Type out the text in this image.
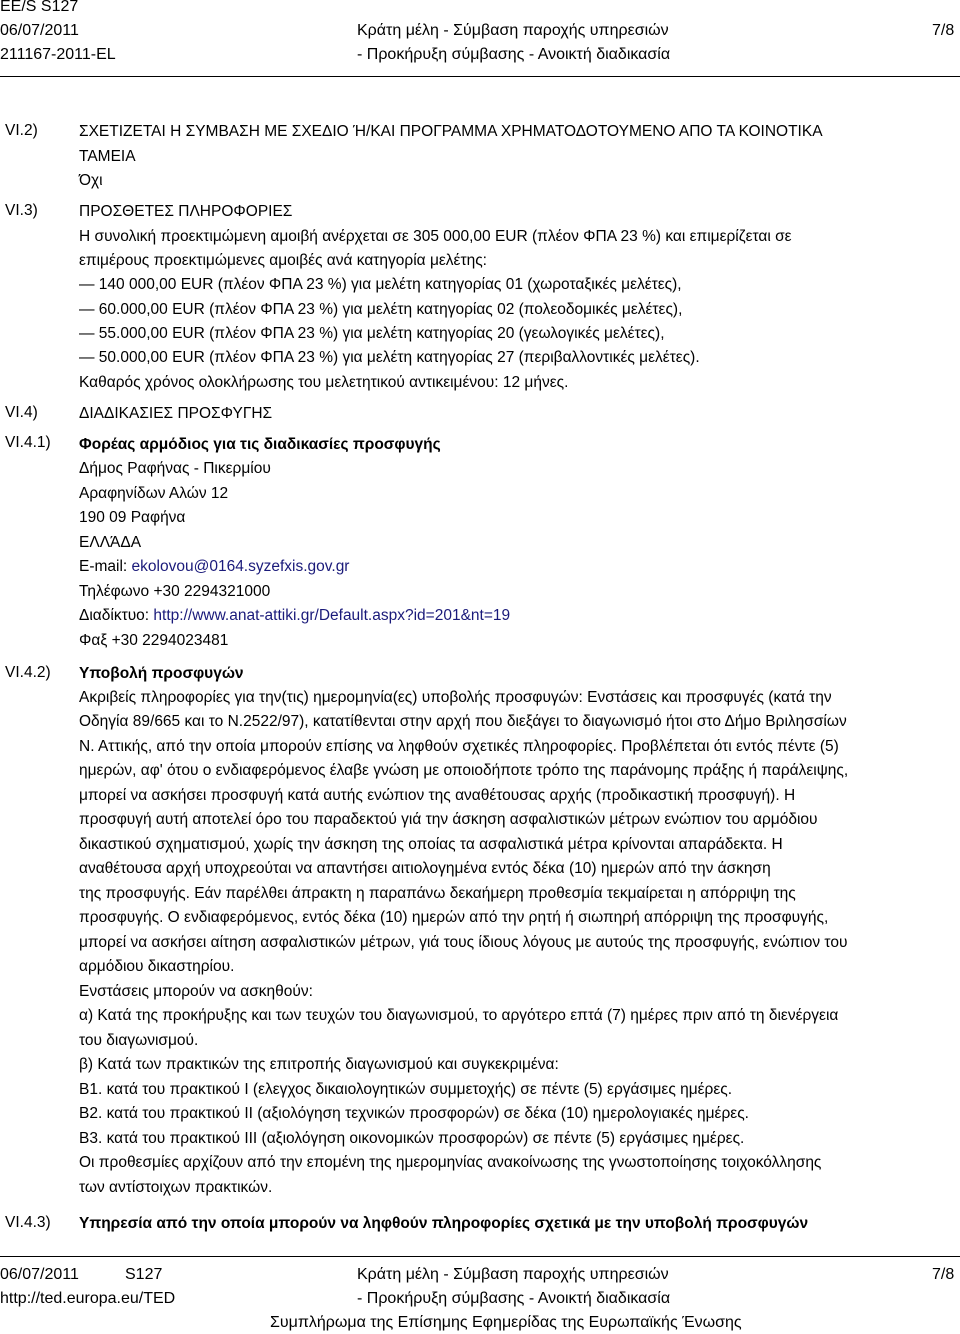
EE/S S127
06/07/2011
211167-2011-EL
Κράτη μέλη - Σύμβαση παροχής υπηρεσιών
- Προκήρυξη σύμβασης - Ανοικτή διαδικασία
7/8
VI.2)
VI.3)
VI.4)
VI.4.1)
VI.4.2)
VI.4.3)
ΣΧΕΤΙΖΕΤΑΙ Η ΣΥΜΒΑΣΗ ΜΕ ΣΧΕΔΙΟ Ή/ΚΑΙ ΠΡΟΓΡΑΜΜΑ ΧΡΗΜΑΤΟΔΟΤΟΥΜΕΝΟ ΑΠΟ ΤΑ ΚΟΙΝΟΤΙΚΑ
ΤΑΜΕΙΑ
Όχι
ΠΡΟΣΘΕΤΕΣ ΠΛΗΡΟΦΟΡΙΕΣ
Η συνολική προεκτιμώμενη αμοιβή ανέρχεται σε 305 000,00 EUR (πλέον ΦΠΑ 23 %) και επιμερίζεται σε
επιμέρους προεκτιμώμενες αμοιβές ανά κατηγορία μελέτης:
— 140 000,00 EUR (πλέον ΦΠΑ 23 %) για μελέτη κατηγορίας 01 (χωροταξικές μελέτες),
— 60.000,00 EUR (πλέον ΦΠΑ 23 %) για μελέτη κατηγορίας 02 (πολεοδομικές μελέτες),
— 55.000,00 EUR (πλέον ΦΠΑ 23 %) για μελέτη κατηγορίας 20 (γεωλογικές μελέτες),
— 50.000,00 EUR (πλέον ΦΠΑ 23 %) για μελέτη κατηγορίας 27 (περιβαλλοντικές μελέτες).
Καθαρός χρόνος ολοκλήρωσης του μελετητικού αντικειμένου: 12 μήνες.
ΔΙΑΔΙΚΑΣΙΕΣ ΠΡΟΣΦΥΓΗΣ
Φορέας αρμόδιος για τις διαδικασίες προσφυγής
Δήμος Ραφήνας - Πικερμίου
Αραφηνίδων Αλών 12
190 09 Ραφήνα
ΕΛΛΆΔΑ
E-mail: ekolovou@0164.syzefxis.gov.gr
Τηλέφωνο +30 2294321000
Διαδίκτυο: http://www.anat-attiki.gr/Default.aspx?id=201&nt=19
Φαξ +30 2294023481
Υποβολή προσφυγών
Ακριβείς πληροφορίες για την(τις) ημερομηνία(ες) υποβολής προσφυγών: Ενστάσεις και προσφυγές (κατά την
Οδηγία 89/665 και το Ν.2522/97), κατατίθενται στην αρχή που διεξάγει το διαγωνισμό ήτοι στο Δήμο Βριλησσίων
Ν. Αττικής, από την οποία μπορούν επίσης να ληφθούν σχετικές πληροφορίες. Προβλέπεται ότι εντός πέντε (5)
ημερών, αφ' ότου ο ενδιαφερόμενος έλαβε γνώση με οποιοδήποτε τρόπο της παράνομης πράξης ή παράλειψης,
μπορεί να ασκήσει προσφυγή κατά αυτής ενώπιον της αναθέτουσας αρχής (προδικαστική προσφυγή). Η
προσφυγή αυτή αποτελεί όρο του παραδεκτού γιά την άσκηση ασφαλιστικών μέτρων ενώπιον του αρμόδιου
δικαστικού σχηματισμού, χωρίς την άσκηση της οποίας τα ασφαλιστικά μέτρα κρίνονται απαράδεκτα. Η
αναθέτουσα αρχή υποχρεούται να απαντήσει αιτιολογημένα εντός δέκα (10) ημερών από την άσκηση
της προσφυγής. Εάν παρέλθει άπρακτη η παραπάνω δεκαήμερη προθεσμία τεκμαίρεται η απόρριψη της
προσφυγής. Ο ενδιαφερόμενος, εντός δέκα (10) ημερών από την ρητή ή σιωπηρή απόρριψη της προσφυγής,
μπορεί να ασκήσει αίτηση ασφαλιστικών μέτρων, γιά τους ίδιους λόγους με αυτούς της προσφυγής, ενώπιον του
αρμόδιου δικαστηρίου.
Ενστάσεις μπορούν να ασκηθούν:
α) Κατά της προκήρυξης και των τευχών του διαγωνισμού, το αργότερο επτά (7) ημέρες πριν από τη διενέργεια
του διαγωνισμού.
β) Κατά των πρακτικών της επιτροπής διαγωνισμού και συγκεκριμένα:
Β1. κατά του πρακτικού Ι (ελεγχος δικαιολογητικών συμμετοχής) σε πέντε (5) εργάσιμες ημέρες.
Β2. κατά του πρακτικού ΙΙ (αξιολόγηση τεχνικών προσφορών) σε δέκα (10) ημερολογιακές ημέρες.
Β3. κατά του πρακτικού ΙΙΙ (αξιολόγηση οικονομικών προσφορών) σε πέντε (5) εργάσιμες ημέρες.
Οι προθεσμίες αρχίζουν από την επομένη της ημερομηνίας ανακοίνωσης της γνωστοποίησης τοιχοκόλλησης
των αντίστοιχων πρακτικών.
Υπηρεσία από την οποία μπορούν να ληφθούν πληροφορίες σχετικά με την υποβολή προσφυγών
06/07/2011	S127
http://ted.europa.eu/TED
Κράτη μέλη - Σύμβαση παροχής υπηρεσιών
- Προκήρυξη σύμβασης - Ανοικτή διαδικασία
Συμπλήρωμα της Επίσημης Εφημερίδας της Ευρωπαϊκής Ένωσης
7/8
